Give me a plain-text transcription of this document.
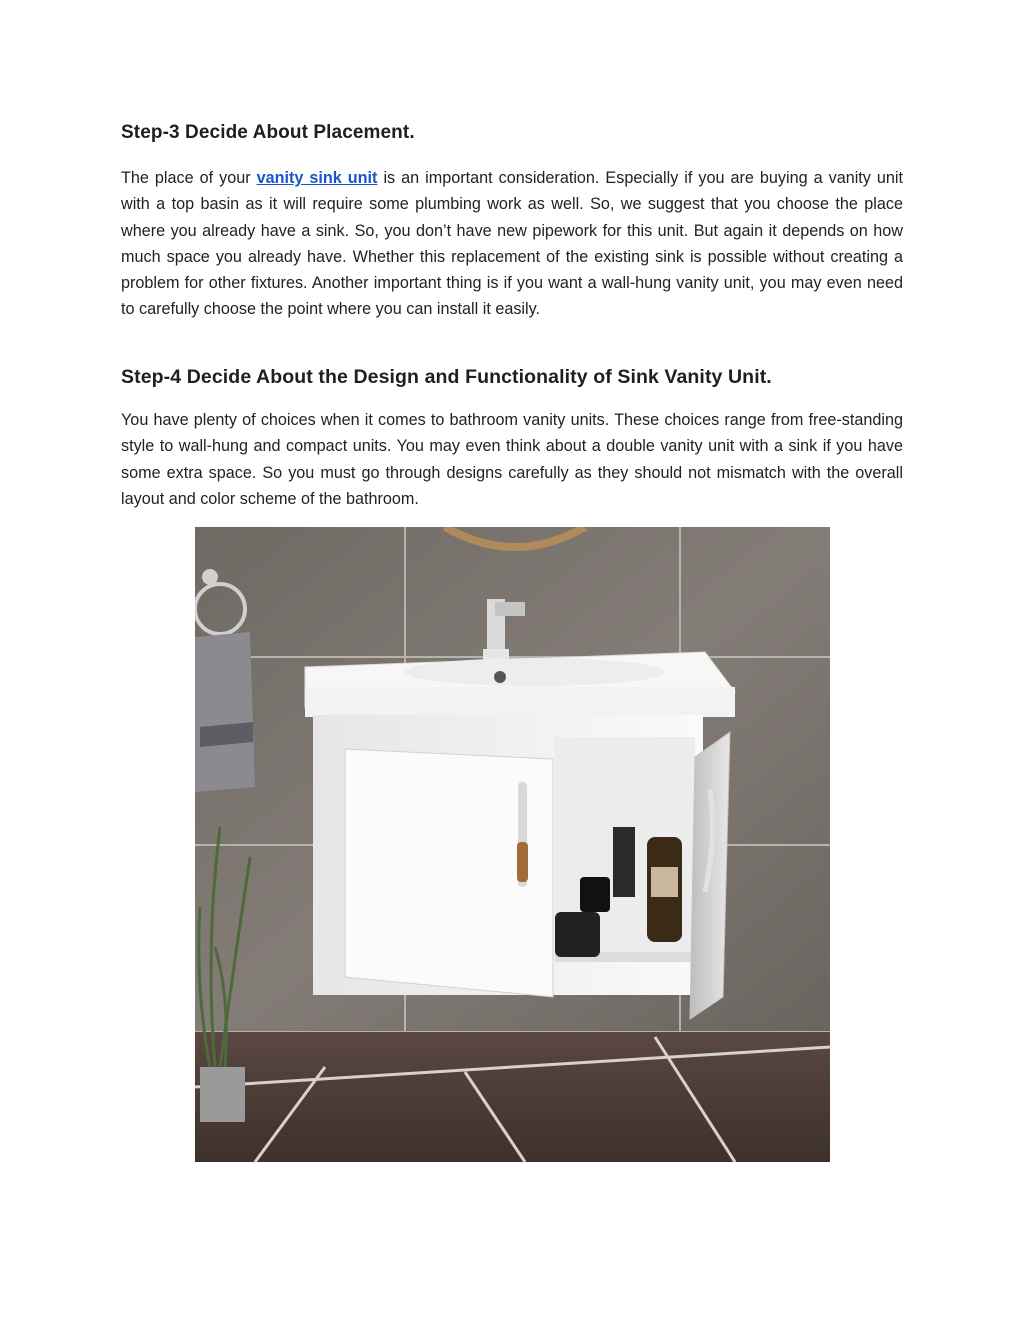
Step-3 Decide About Placement.

The place of your vanity sink unit is an important consideration. Especially if you are buying a vanity unit with a top basin as it will require some plumbing work as well. So, we suggest that you choose the place where you already have a sink. So, you don’t have new pipework for this unit. But again it depends on how much space you already have. Whether this replacement of the existing sink is possible without creating a problem for other fixtures. Another important thing is if you want a wall-hung vanity unit, you may even need to carefully choose the point where you can install it easily.

Step-4 Decide About the Design and Functionality of Sink Vanity Unit.

You have plenty of choices when it comes to bathroom vanity units. These choices range from free-standing style to wall-hung and compact units. You may even think about a double vanity unit with a sink if you have some extra space. So you must go through designs carefully as they should not mismatch with the overall layout and color scheme of the bathroom.
